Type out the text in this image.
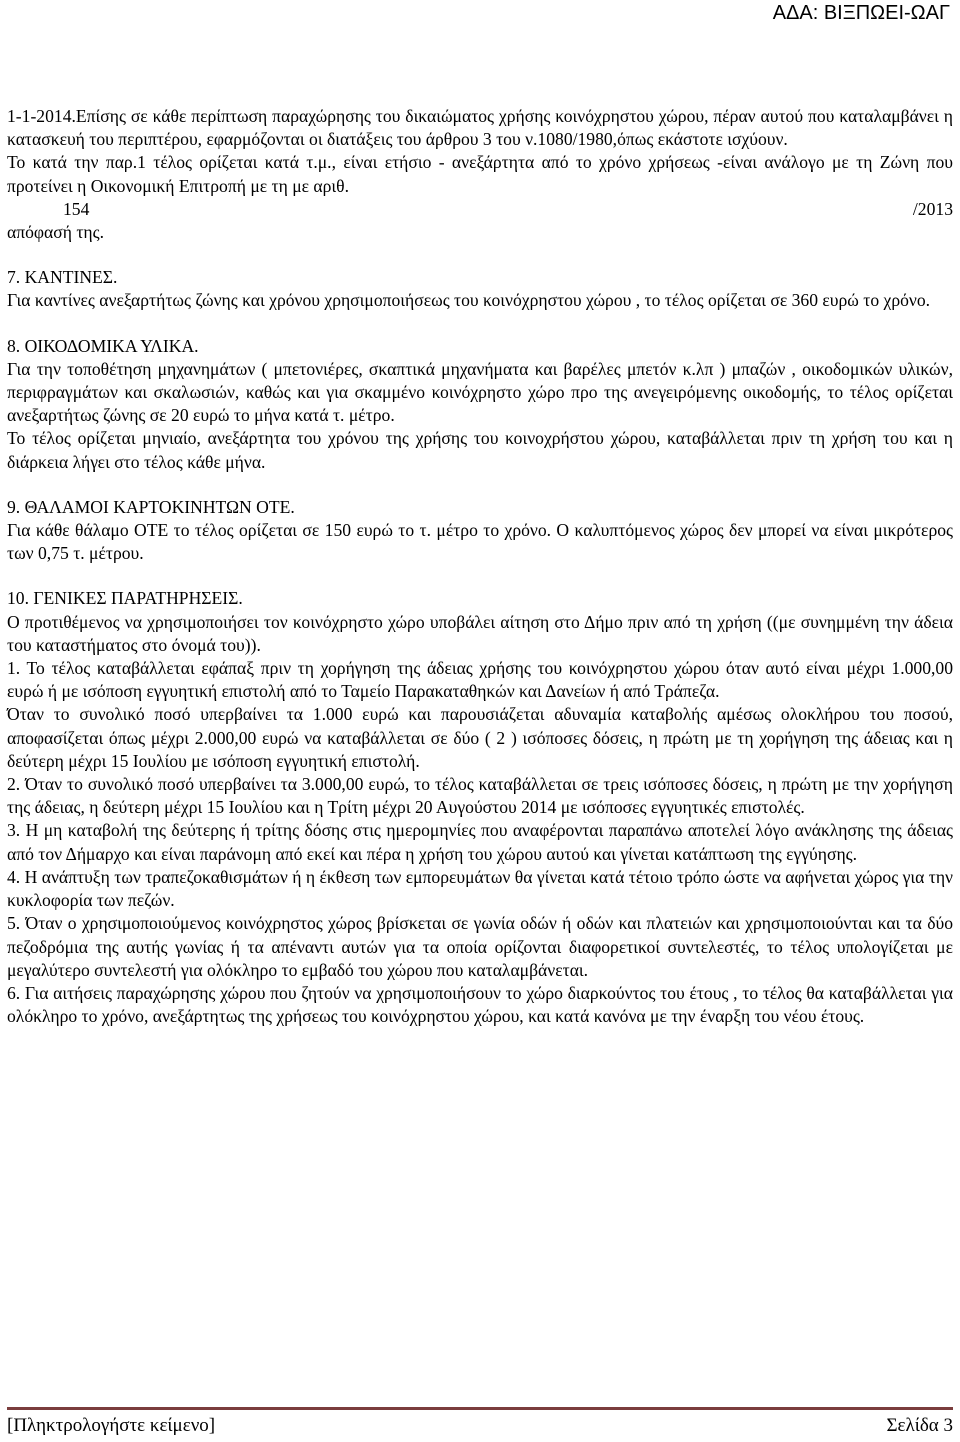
ΑΔΑ: ΒΙΞΠΩΕΙ-ΩΑΓ

1-1-2014.Επίσης σε κάθε περίπτωση παραχώρησης του δικαιώματος χρήσης κοινόχρηστου χώρου, πέραν αυτού που καταλαμβάνει η κατασκευή του περιπτέρου, εφαρμόζονται οι διατάξεις του άρθρου 3 του ν.1080/1980,όπως εκάστοτε ισχύουν.

Το κατά την παρ.1 τέλος ορίζεται κατά τ.μ., είναι ετήσιο - ανεξάρτητα από το χρόνο χρήσεως -είναι ανάλογο με τη Ζώνη που προτείνει η Οικονομική Επιτροπή με τη με αριθ.

154	/2013

απόφασή της.

7. ΚΑΝΤΙΝΕΣ.

Για καντίνες ανεξαρτήτως ζώνης και χρόνου χρησιμοποιήσεως του κοινόχρηστου χώρου , το τέλος ορίζεται σε 360 ευρώ το χρόνο.

8. ΟΙΚΟΔΟΜΙΚΑ ΥΛΙΚΑ.

Για την τοποθέτηση μηχανημάτων ( μπετονιέρες, σκαπτικά μηχανήματα και βαρέλες μπετόν κ.λπ ) μπαζών , οικοδομικών υλικών, περιφραγμάτων και σκαλωσιών, καθώς και για σκαμμένο κοινόχρηστο χώρο προ της ανεγειρόμενης οικοδομής, το τέλος ορίζεται ανεξαρτήτως ζώνης σε 20 ευρώ το μήνα κατά τ. μέτρο.

Το τέλος ορίζεται μηνιαίο, ανεξάρτητα του χρόνου της χρήσης του κοινοχρήστου χώρου, καταβάλλεται πριν τη χρήση του και η διάρκεια λήγει στο τέλος κάθε μήνα.

9. ΘΑΛΑΜΟΙ ΚΑΡΤΟΚΙΝΗΤΩΝ ΟΤΕ.

Για κάθε θάλαμο ΟΤΕ το τέλος ορίζεται σε 150 ευρώ το τ. μέτρο το χρόνο. Ο καλυπτόμενος χώρος δεν μπορεί να είναι μικρότερος των 0,75 τ. μέτρου.

10. ΓΕΝΙΚΕΣ ΠΑΡΑΤΗΡΗΣΕΙΣ.

Ο προτιθέμενος να χρησιμοποιήσει τον κοινόχρηστο χώρο υποβάλει αίτηση στο Δήμο πριν από τη χρήση ((με συνημμένη την άδεια του καταστήματος στο όνομά του)).

1. Το τέλος καταβάλλεται εφάπαξ πριν τη χορήγηση της άδειας χρήσης του κοινόχρηστου χώρου όταν αυτό είναι μέχρι 1.000,00 ευρώ ή με ισόποση εγγυητική επιστολή από το Ταμείο Παρακαταθηκών και Δανείων ή από Τράπεζα.

Όταν το συνολικό ποσό υπερβαίνει τα 1.000 ευρώ και παρουσιάζεται αδυναμία καταβολής αμέσως ολοκλήρου του ποσού, αποφασίζεται όπως μέχρι 2.000,00 ευρώ να καταβάλλεται σε δύο ( 2 ) ισόποσες δόσεις, η πρώτη με τη χορήγηση της άδειας και η δεύτερη μέχρι 15 Ιουλίου με ισόποση εγγυητική επιστολή.

2. Όταν το συνολικό ποσό υπερβαίνει τα 3.000,00 ευρώ, το τέλος καταβάλλεται σε τρεις ισόποσες δόσεις, η πρώτη με την χορήγηση της άδειας, η δεύτερη μέχρι 15 Ιουλίου και η Τρίτη μέχρι 20 Αυγούστου 2014 με ισόποσες εγγυητικές επιστολές.

3. Η μη καταβολή της δεύτερης ή τρίτης δόσης στις ημερομηνίες που αναφέρονται παραπάνω αποτελεί λόγο ανάκλησης της άδειας από τον Δήμαρχο και είναι παράνομη από εκεί και πέρα η χρήση του χώρου αυτού και γίνεται κατάπτωση της εγγύησης.

4. Η ανάπτυξη των τραπεζοκαθισμάτων ή η έκθεση των εμπορευμάτων θα γίνεται κατά τέτοιο τρόπο ώστε να αφήνεται χώρος για την κυκλοφορία των πεζών.

5. Όταν ο χρησιμοποιούμενος κοινόχρηστος χώρος βρίσκεται σε γωνία οδών ή οδών και πλατειών και χρησιμοποιούνται και τα δύο πεζοδρόμια της αυτής γωνίας ή τα απέναντι αυτών για τα οποία ορίζονται διαφορετικοί συντελεστές, το τέλος υπολογίζεται με μεγαλύτερο συντελεστή για ολόκληρο το εμβαδό του χώρου που καταλαμβάνεται.

6. Για αιτήσεις παραχώρησης χώρου που ζητούν να χρησιμοποιήσουν το χώρο διαρκούντος του έτους , το τέλος θα καταβάλλεται για ολόκληρο το χρόνο, ανεξάρτητως της χρήσεως του κοινόχρηστου χώρου, και κατά κανόνα με την έναρξη του νέου έτους.

[Πληκτρολογήστε κείμενο]	Σελίδα 3
